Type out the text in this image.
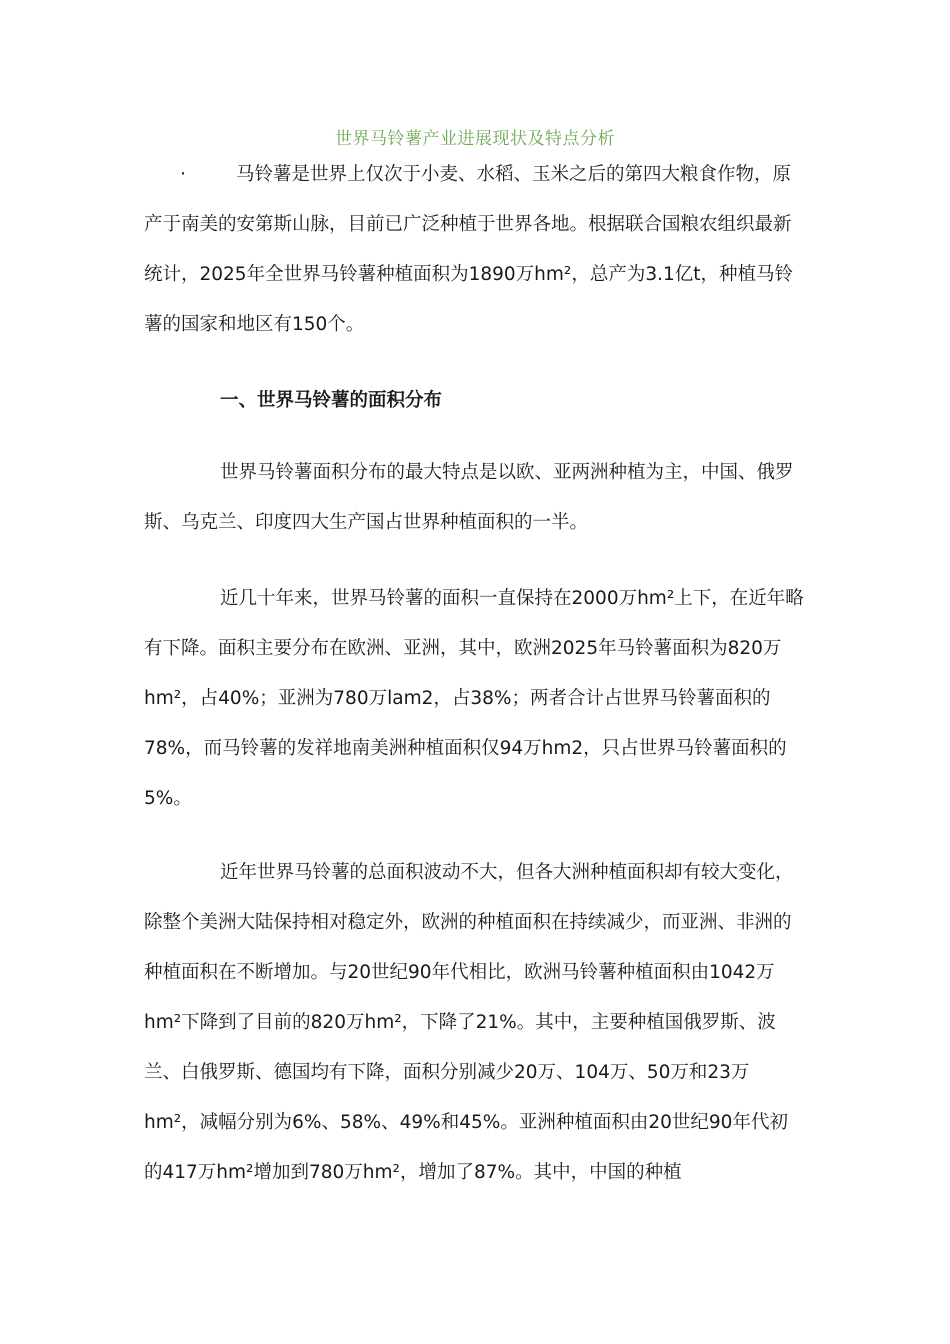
世界马铃薯产业进展现状及特点分析
·	马铃薯是世界上仅次于小麦、水稻、玉米之后的第四大粮食作物，原产于南美的安第斯山脉，目前已广泛种植于世界各地。根据联合国粮农组织最新统计，2025年全世界马铃薯种植面积为1890万hm²，总产为3.1亿t，种植马铃薯的国家和地区有150个。

一、世界马铃薯的面积分布

世界马铃薯面积分布的最大特点是以欧、亚两洲种植为主，中国、俄罗斯、乌克兰、印度四大生产国占世界种植面积的一半。

近几十年来，世界马铃薯的面积一直保持在2000万hm²上下，在近年略有下降。面积主要分布在欧洲、亚洲，其中，欧洲2025年马铃薯面积为820万hm²，占40%；亚洲为780万lam2，占38%；两者合计占世界马铃薯面积的78%，而马铃薯的发祥地南美洲种植面积仅94万hm2，只占世界马铃薯面积的5%。

近年世界马铃薯的总面积波动不大，但各大洲种植面积却有较大变化，除整个美洲大陆保持相对稳定外，欧洲的种植面积在持续减少，而亚洲、非洲的种植面积在不断增加。与20世纪90年代相比，欧洲马铃薯种植面积由1042万hm²下降到了目前的820万hm²，下降了21%。其中，主要种植国俄罗斯、波兰、白俄罗斯、德国均有下降，面积分别减少20万、104万、50万和23万hm²，减幅分别为6%、58%、49%和45%。亚洲种植面积由20世纪90年代初的417万hm²增加到780万hm²，增加了87%。其中，中国的种植
